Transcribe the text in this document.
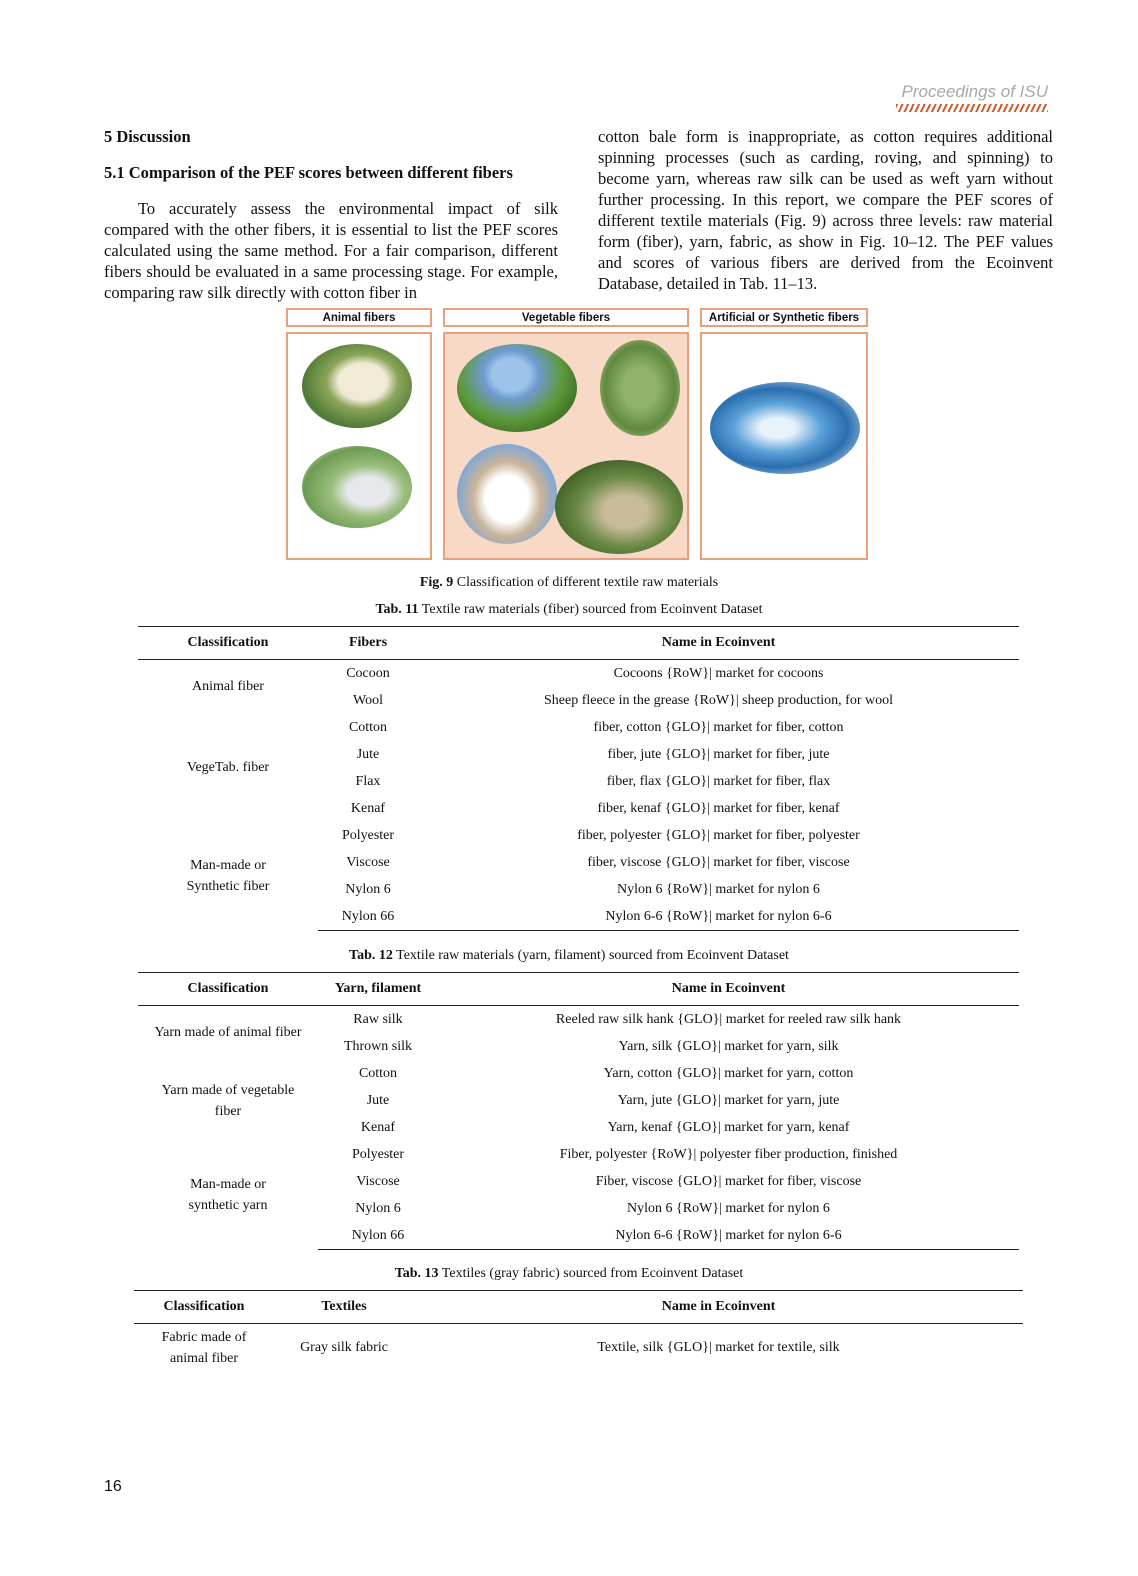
Proceedings of ISU
5 Discussion
5.1 Comparison of the PEF scores between different fibers

To accurately assess the environmental impact of silk compared with the other fibers, it is essential to list the PEF scores calculated using the same method. For a fair comparison, different fibers should be evaluated in a same processing stage. For example, comparing raw silk directly with cotton fiber in

cotton bale form is inappropriate, as cotton requires additional spinning processes (such as carding, roving, and spinning) to become yarn, whereas raw silk can be used as weft yarn without further processing. In this report, we compare the PEF scores of different textile materials (Fig. 9) across three levels: raw material form (fiber), yarn, fabric, as show in Fig. 10–12. The PEF values and scores of various fibers are derived from the Ecoinvent Database, detailed in Tab. 11–13.

Animal fibers	Vegetable fibers	Artificial or Synthetic fibers
Fig. 9 Classification of different textile raw materials
Tab. 11 Textile raw materials (fiber) sourced from Ecoinvent Dataset
Classification	Fibers	Name in Ecoinvent
Animal fiber	Cocoon	Cocoons {RoW}| market for cocoons
	Wool	Sheep fleece in the grease {RoW}| sheep production, for wool
VegeTab. fiber	Cotton	fiber, cotton {GLO}| market for fiber, cotton
	Jute	fiber, jute {GLO}| market for fiber, jute
	Flax	fiber, flax {GLO}| market for fiber, flax
	Kenaf	fiber, kenaf {GLO}| market for fiber, kenaf
Man-made or Synthetic fiber	Polyester	fiber, polyester {GLO}| market for fiber, polyester
	Viscose	fiber, viscose {GLO}| market for fiber, viscose
	Nylon 6	Nylon 6 {RoW}| market for nylon 6
	Nylon 66	Nylon 6-6 {RoW}| market for nylon 6-6
Tab. 12 Textile raw materials (yarn, filament) sourced from Ecoinvent Dataset
Classification	Yarn, filament	Name in Ecoinvent
Yarn made of animal fiber	Raw silk	Reeled raw silk hank {GLO}| market for reeled raw silk hank
	Thrown silk	Yarn, silk {GLO}| market for yarn, silk
Yarn made of vegetable fiber	Cotton	Yarn, cotton {GLO}| market for yarn, cotton
	Jute	Yarn, jute {GLO}| market for yarn, jute
	Kenaf	Yarn, kenaf {GLO}| market for yarn, kenaf
Man-made or synthetic yarn	Polyester	Fiber, polyester {RoW}| polyester fiber production, finished
	Viscose	Fiber, viscose {GLO}| market for fiber, viscose
	Nylon 6	Nylon 6 {RoW}| market for nylon 6
	Nylon 66	Nylon 6-6 {RoW}| market for nylon 6-6
Tab. 13 Textiles (gray fabric) sourced from Ecoinvent Dataset
Classification	Textiles	Name in Ecoinvent
Fabric made of animal fiber	Gray silk fabric	Textile, silk {GLO}| market for textile, silk
16
